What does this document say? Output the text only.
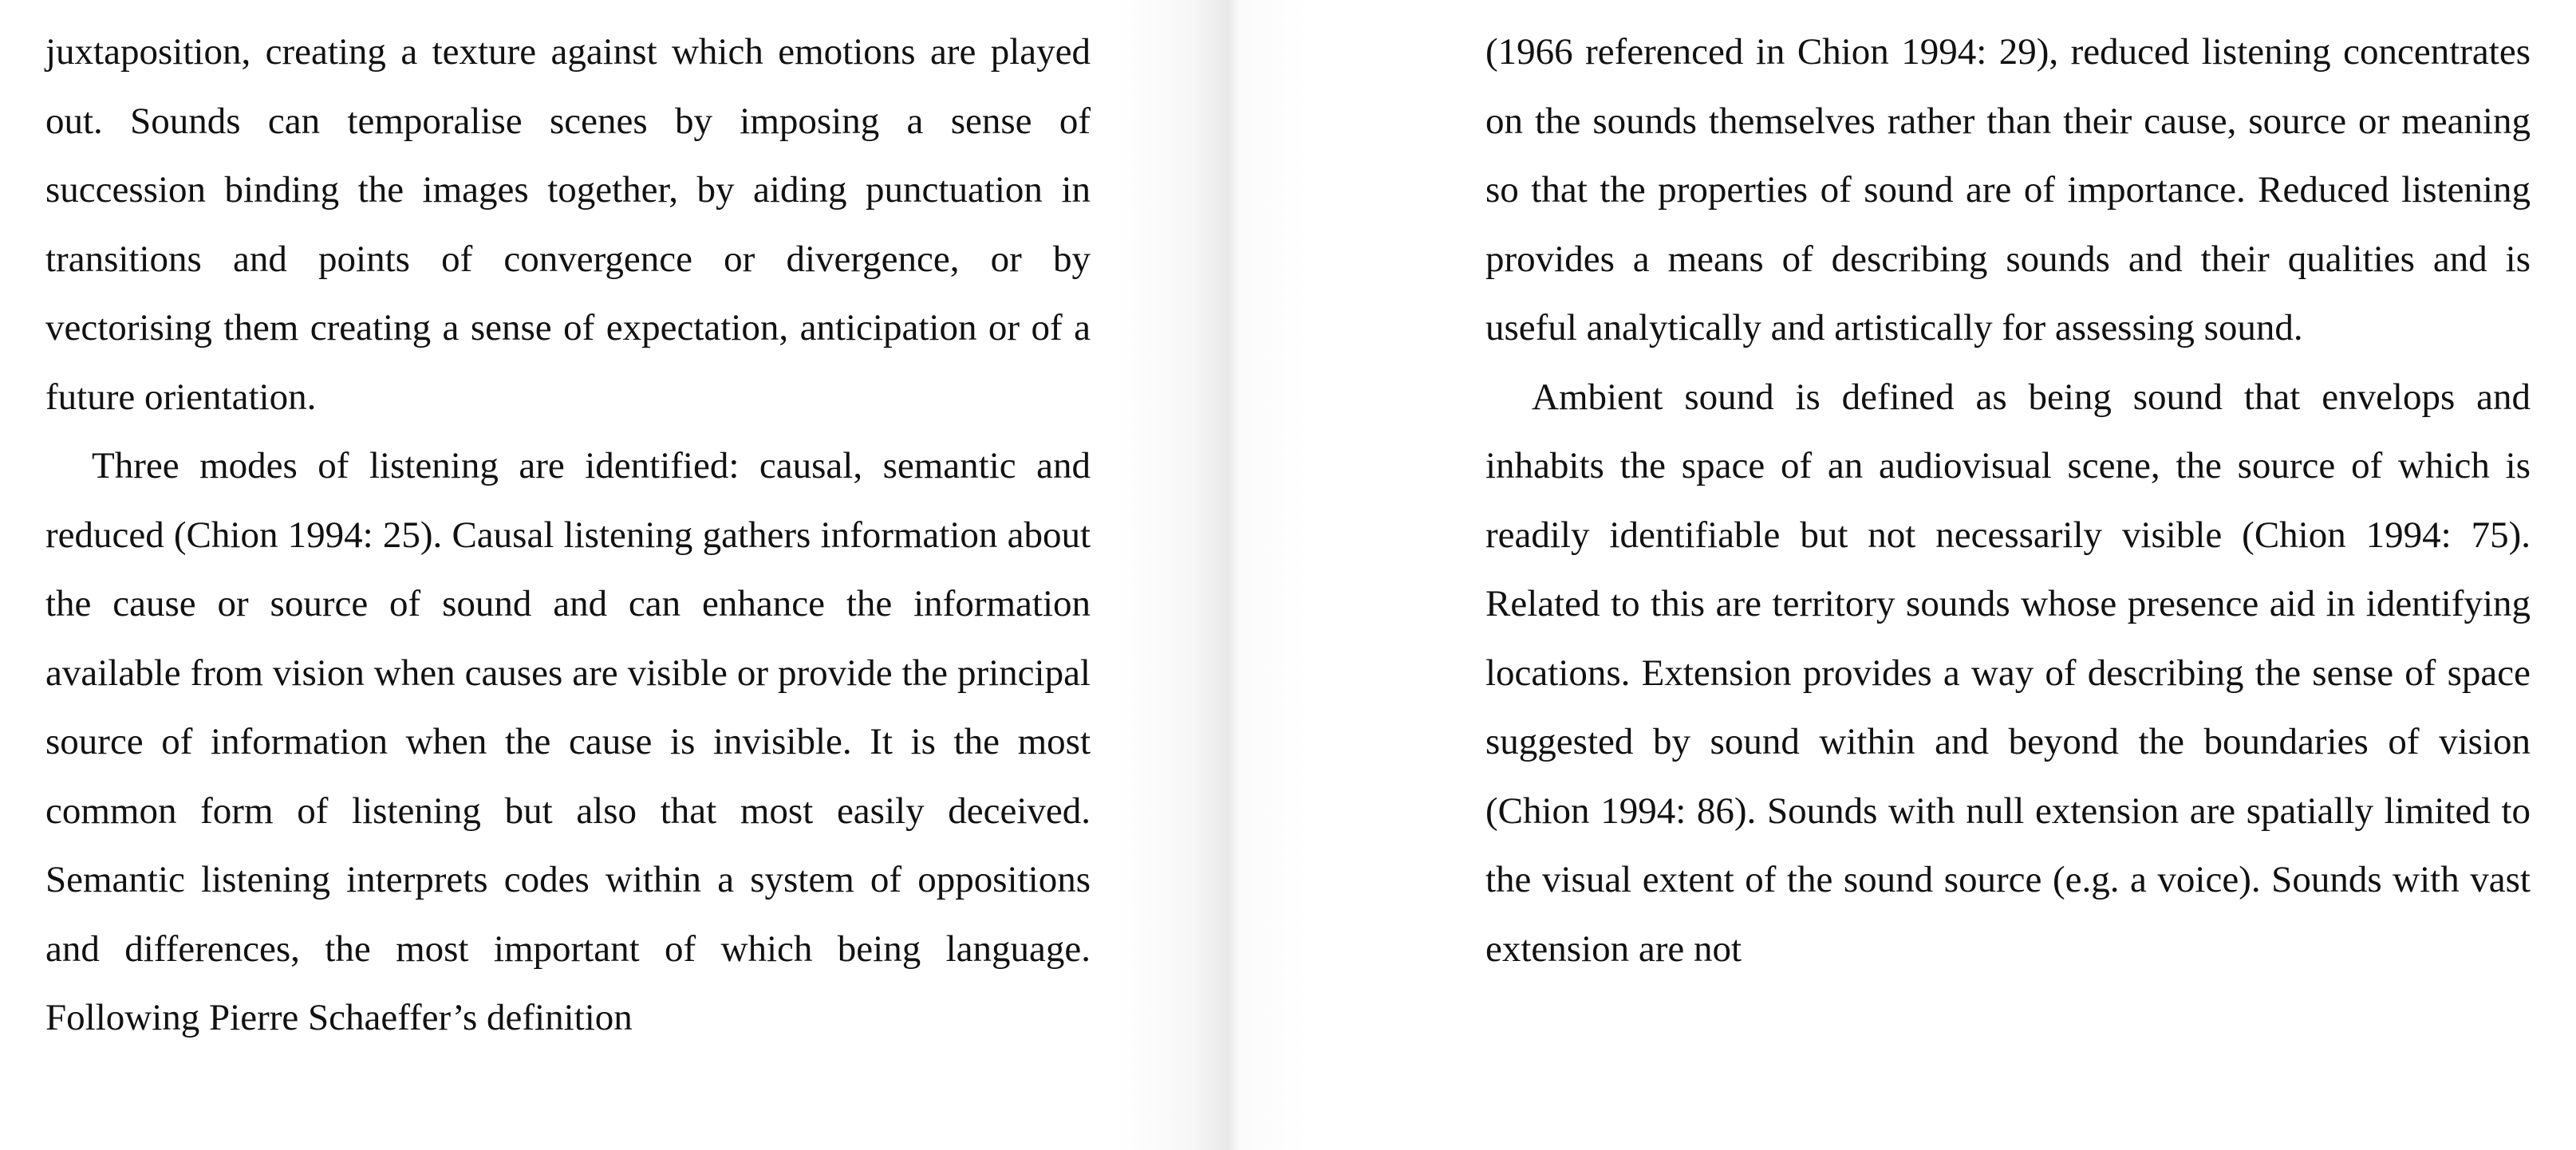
juxtaposition, creating a texture against which emotions are played out. Sounds can temporalise scenes by imposing a sense of succession binding the images together, by aiding punctuation in transitions and points of convergence or divergence, or by vectorising them creating a sense of expectation, anticipation or of a future orientation.

Three modes of listening are identified: causal, semantic and reduced (Chion 1994: 25). Causal listening gathers information about the cause or source of sound and can enhance the information available from vision when causes are visible or provide the principal source of information when the cause is invisible. It is the most common form of listening but also that most easily deceived. Semantic listening interprets codes within a system of oppositions and differences, the most important of which being language. Following Pierre Schaeffer’s definition

(1966 referenced in Chion 1994: 29), reduced listening concentrates on the sounds themselves rather than their cause, source or meaning so that the properties of sound are of importance. Reduced listening provides a means of describing sounds and their qualities and is useful analytically and artistically for assessing sound.

Ambient sound is defined as being sound that envelops and inhabits the space of an audiovisual scene, the source of which is readily identifiable but not necessarily visible (Chion 1994: 75). Related to this are territory sounds whose presence aid in identifying locations. Extension provides a way of describing the sense of space suggested by sound within and beyond the boundaries of vision (Chion 1994: 86). Sounds with null extension are spatially limited to the visual extent of the sound source (e.g. a voice). Sounds with vast extension are not
